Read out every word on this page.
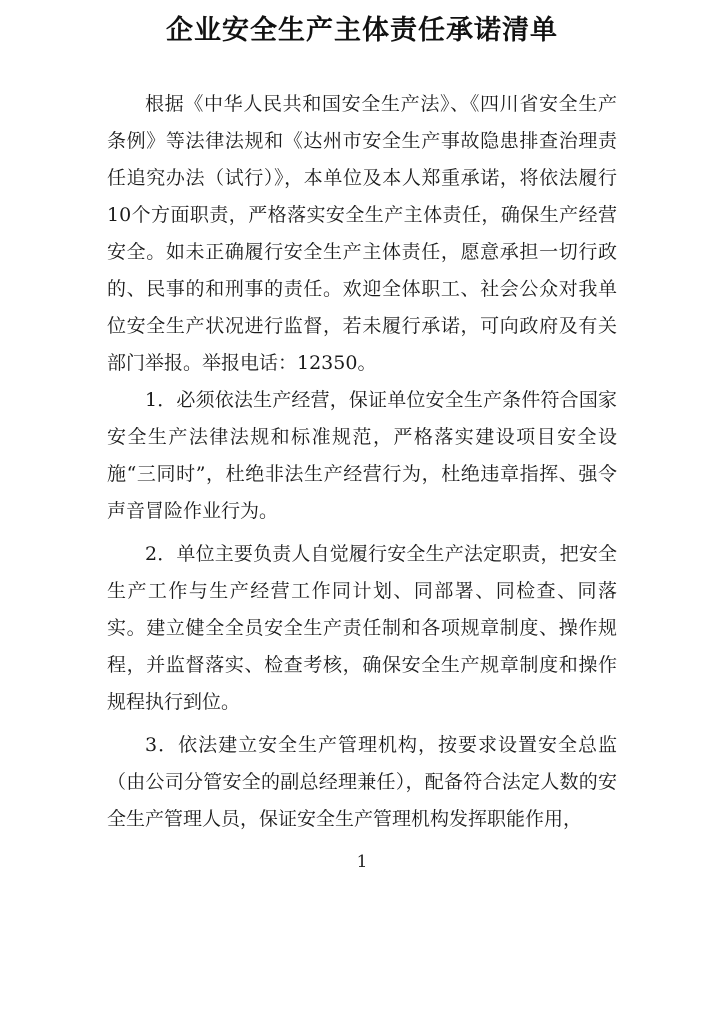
企业安全生产主体责任承诺清单

根据《中华人民共和国安全生产法》、《四川省安全生产条例》等法律法规和《达州市安全生产事故隐患排查治理责任追究办法（试行）》，本单位及本人郑重承诺，将依法履行10个方面职责，严格落实安全生产主体责任，确保生产经营安全。如未正确履行安全生产主体责任，愿意承担一切行政的、民事的和刑事的责任。欢迎全体职工、社会公众对我单位安全生产状况进行监督，若未履行承诺，可向政府及有关部门举报。举报电话：12350。

1．必须依法生产经营，保证单位安全生产条件符合国家安全生产法律法规和标准规范，严格落实建设项目安全设施“三同时”，杜绝非法生产经营行为，杜绝违章指挥、强令声音冒险作业行为。

2．单位主要负责人自觉履行安全生产法定职责，把安全生产工作与生产经营工作同计划、同部署、同检查、同落实。建立健全全员安全生产责任制和各项规章制度、操作规程，并监督落实、检查考核，确保安全生产规章制度和操作规程执行到位。

3．依法建立安全生产管理机构，按要求设置安全总监（由公司分管安全的副总经理兼任），配备符合法定人数的安全生产管理人员，保证安全生产管理机构发挥职能作用，

1
